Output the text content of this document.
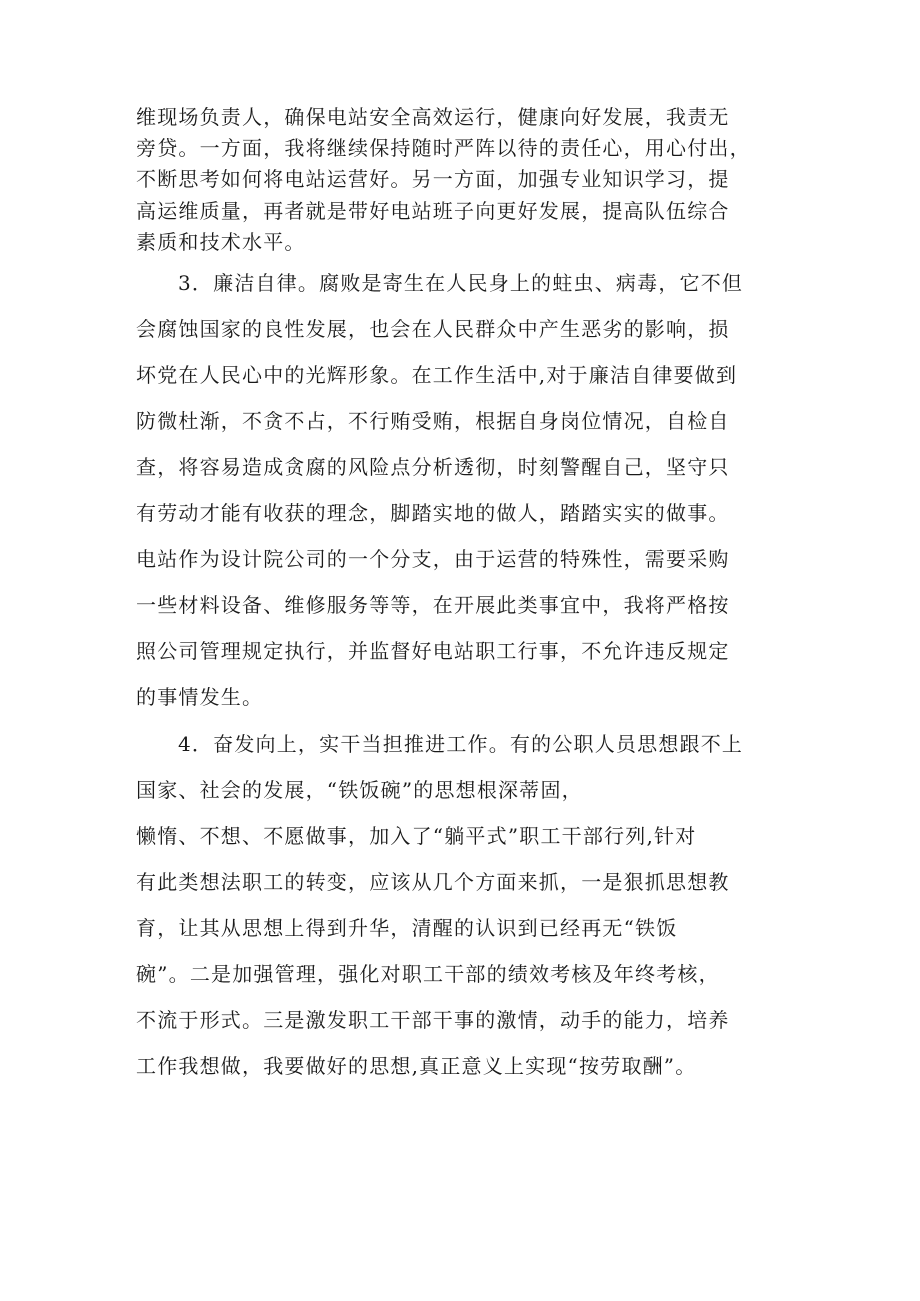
维现场负责人，确保电站安全高效运行，健康向好发展，我责无
旁贷。一方面，我将继续保持随时严阵以待的责任心，用心付出，
不断思考如何将电站运营好。另一方面，加强专业知识学习，提
高运维质量，再者就是带好电站班子向更好发展，提高队伍综合
素质和技术水平。
3．廉洁自律。腐败是寄生在人民身上的蛀虫、病毒，它不但
会腐蚀国家的良性发展，也会在人民群众中产生恶劣的影响，损
坏党在人民心中的光辉形象。在工作生活中,对于廉洁自律要做到
防微杜渐，不贪不占，不行贿受贿，根据自身岗位情况，自检自
查，将容易造成贪腐的风险点分析透彻，时刻警醒自己，坚守只
有劳动才能有收获的理念，脚踏实地的做人，踏踏实实的做事。
电站作为设计院公司的一个分支，由于运营的特殊性，需要采购
一些材料设备、维修服务等等，在开展此类事宜中，我将严格按
照公司管理规定执行，并监督好电站职工行事，不允许违反规定
的事情发生。
4．奋发向上，实干当担推进工作。有的公职人员思想跟不上
国家、社会的发展，“铁饭碗”的思想根深蒂固，
懒惰、不想、不愿做事，加入了“躺平式”职工干部行列,针对
有此类想法职工的转变，应该从几个方面来抓，一是狠抓思想教
育，让其从思想上得到升华，清醒的认识到已经再无“铁饭
碗”。二是加强管理，强化对职工干部的绩效考核及年终考核，
不流于形式。三是激发职工干部干事的激情，动手的能力，培养
工作我想做，我要做好的思想,真正意义上实现“按劳取酬”。
